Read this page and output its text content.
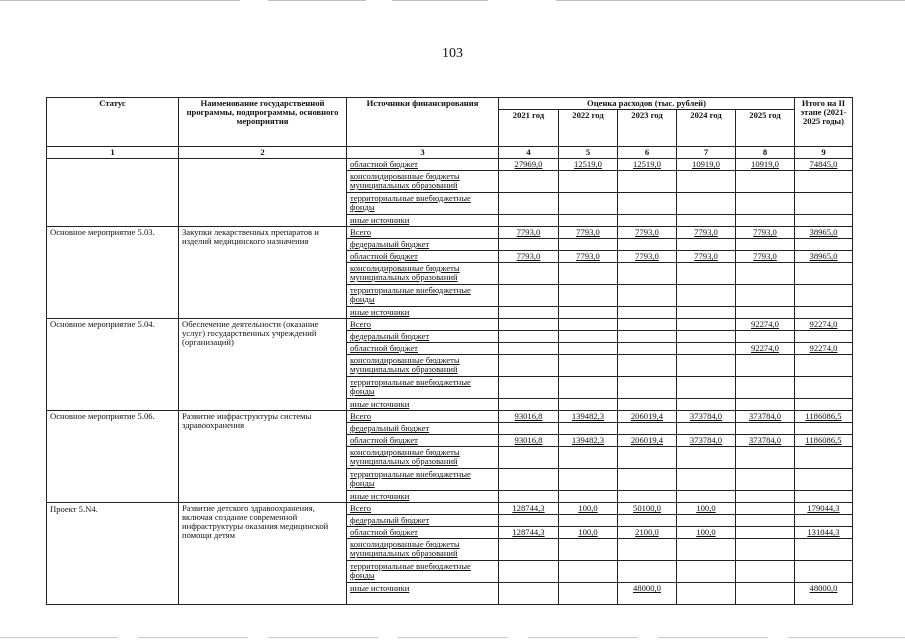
103
Статус	Наименование государственной программы, подпрограммы, основного мероприятия	Источники финансирования	Оценка расходов (тыс. рублей)					Итого на II этапе (2021-2025 годы)
			2021 год	2022 год	2023 год	2024 год	2025 год	
1	2	3	4	5	6	7	8	9
		областной бюджет	27969,0	12519,0	12519,0	10919,0	10919,0	74845,0
		консолидированные бюджеты муниципальных образований						
		территориальные внебюджетные фонды						
		иные источники						
Основное мероприятие 5.03.	Закупки лекарственных препаратов и изделий медицинского назначения	Всего	7793,0	7793,0	7793,0	7793,0	7793,0	38965,0
		федеральный бюджет						
		областной бюджет	7793,0	7793,0	7793,0	7793,0	7793,0	38965,0
		консолидированные бюджеты муниципальных образований						
		территориальные внебюджетные фонды						
		иные источники						
Основное мероприятие 5.04.	Обеспечение деятельности (оказание услуг) государственных учреждений (организаций)	Всего					92274,0	92274,0
		федеральный бюджет						
		областной бюджет					92274,0	92274,0
		консолидированные бюджеты муниципальных образований						
		территориальные внебюджетные фонды						
		иные источники						
Основное мероприятие 5.06.	Развитие инфраструктуры системы здравоохранения	Всего	93016,8	139482,3	206019,4	373784,0	373784,0	1186086,5
		федеральный бюджет						
		областной бюджет	93016,8	139482,3	206019,4	373784,0	373784,0	1186086,5
		консолидированные бюджеты муниципальных образований						
		территориальные внебюджетные фонды						
		иные источники						
Проект 5.N4.	Развитие детского здравоохранения, включая создание современной инфраструктуры оказания медицинской помощи детям	Всего	128744,3	100,0	50100,0	100,0		179044,3
		федеральный бюджет						
		областной бюджет	128744,3	100,0	2100,0	100,0		131044,3
		консолидированные бюджеты муниципальных образований						
		территориальные внебюджетные фонды						
		иные источники			48000,0			48000,0
